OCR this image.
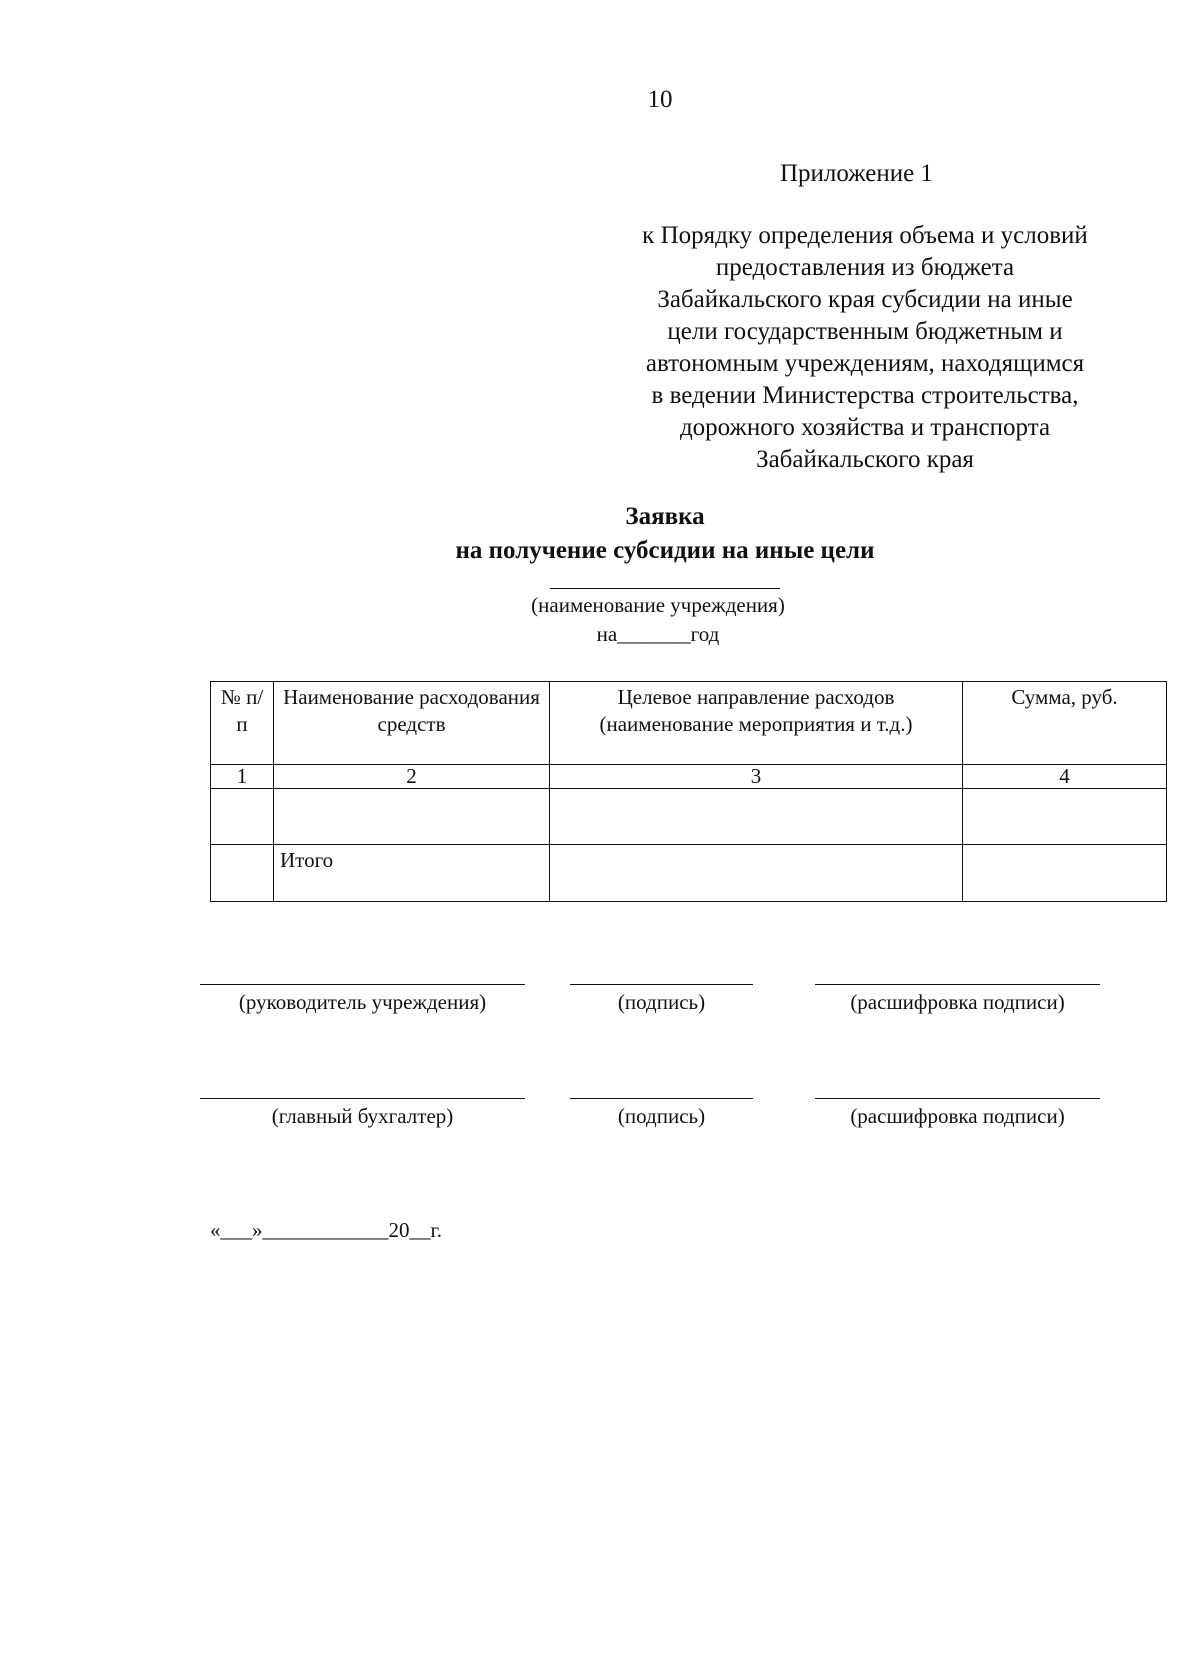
10
Приложение 1
к Порядку определения объема и условий
предоставления из бюджета
Забайкальского края субсидии на иные
цели государственным бюджетным и
автономным учреждениям, находящимся
в ведении Министерства строительства,
дорожного хозяйства и транспорта
Забайкальского края
Заявка
на получение субсидии на иные цели
(наименование учреждения)
на_______год
№ п/ п	Наименование расходования средств	Целевое направление расходов (наименование мероприятия и т.д.)	Сумма, руб.
1	2	3	4

	Итого		
(руководитель учреждения)	(подпись)	(расшифровка подписи)
(главный бухгалтер)	(подпись)	(расшифровка подписи)
«___»____________20__г.
